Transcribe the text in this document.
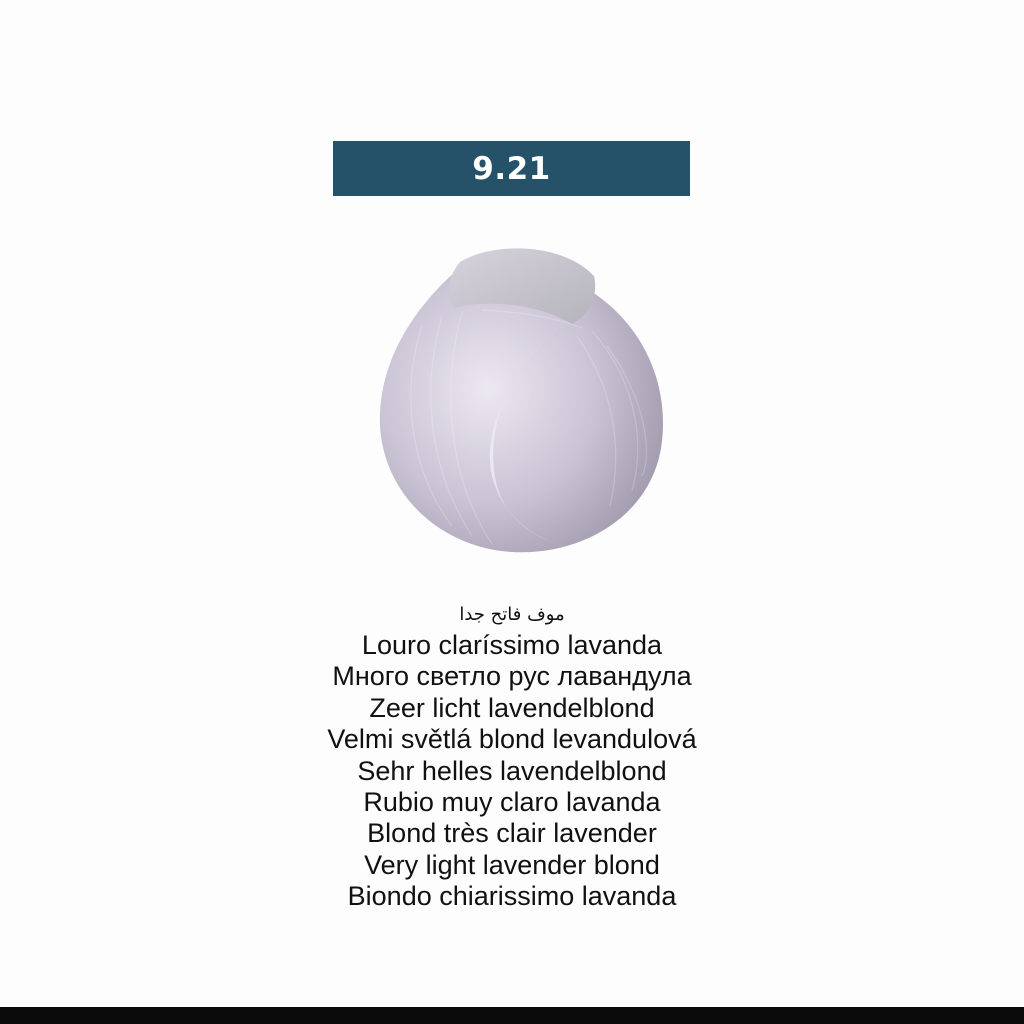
9.21
موف فاتح جدا
Louro claríssimo lavanda
Много светло рус лавандула
Zeer licht lavendelblond
Velmi světlá blond levandulová
Sehr helles lavendelblond
Rubio muy claro lavanda
Blond très clair lavender
Very light lavender blond
Biondo chiarissimo lavanda
